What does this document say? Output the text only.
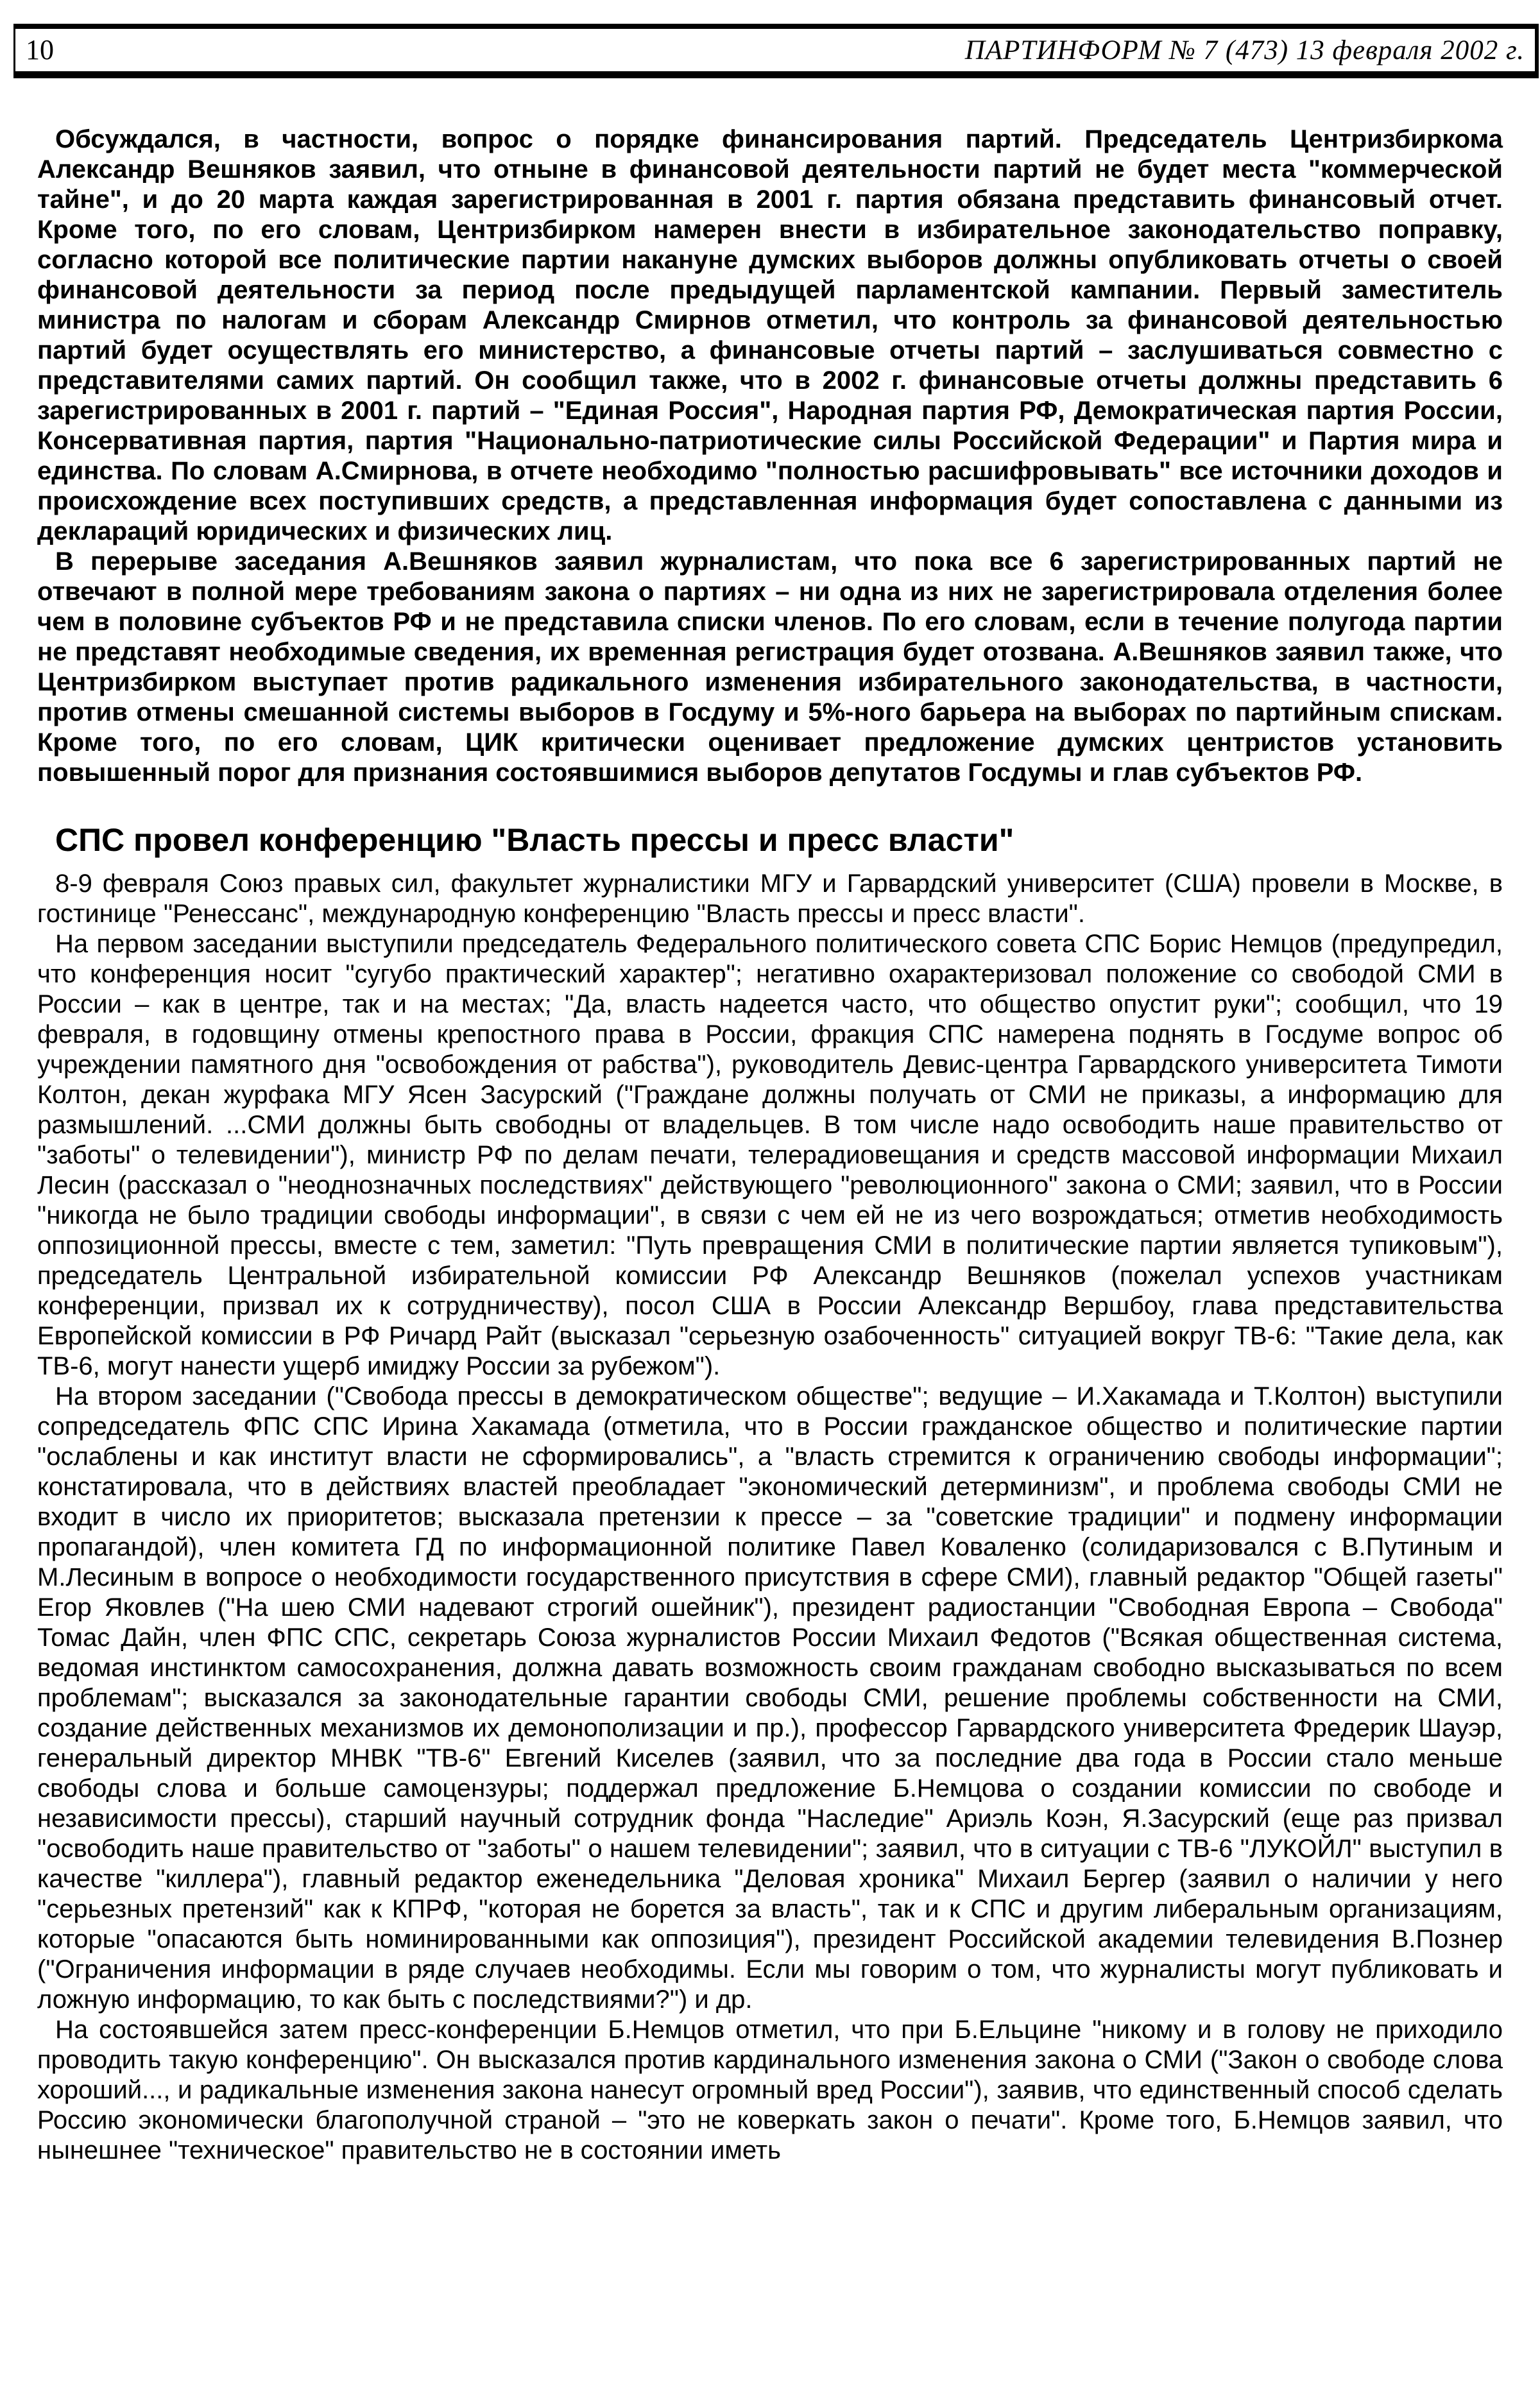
10	ПАРТИНФОРМ № 7 (473) 13 февраля 2002 г.

Обсуждался, в частности, вопрос о порядке финансирования партий. Председатель Центризбиркома Александр Вешняков заявил, что отныне в финансовой деятельности партий не будет места "коммерческой тайне", и до 20 марта каждая зарегистрированная в 2001 г. партия обязана представить финансовый отчет. Кроме того, по его словам, Центризбирком намерен внести в избирательное законодательство поправку, согласно которой все политические партии накануне думских выборов должны опубликовать отчеты о своей финансовой деятельности за период после предыдущей парламентской кампании. Первый заместитель министра по налогам и сборам Александр Смирнов отметил, что контроль за финансовой деятельностью партий будет осуществлять его министерство, а финансовые отчеты партий – заслушиваться совместно с представителями самих партий. Он сообщил также, что в 2002 г. финансовые отчеты должны представить 6 зарегистрированных в 2001 г. партий – "Единая Россия", Народная партия РФ, Демократическая партия России, Консервативная партия, партия "Национально-патриотические силы Российской Федерации" и Партия мира и единства. По словам А.Смирнова, в отчете необходимо "полностью расшифровывать" все источники доходов и происхождение всех поступивших средств, а представленная информация будет сопоставлена с данными из деклараций юридических и физических лиц.

В перерыве заседания А.Вешняков заявил журналистам, что пока все 6 зарегистрированных партий не отвечают в полной мере требованиям закона о партиях – ни одна из них не зарегистрировала отделения более чем в половине субъектов РФ и не представила списки членов. По его словам, если в течение полугода партии не представят необходимые сведения, их временная регистрация будет отозвана. А.Вешняков заявил также, что Центризбирком выступает против радикального изменения избирательного законодательства, в частности, против отмены смешанной системы выборов в Госдуму и 5%-ного барьера на выборах по партийным спискам. Кроме того, по его словам, ЦИК критически оценивает предложение думских центристов установить повышенный порог для признания состоявшимися выборов депутатов Госдумы и глав субъектов РФ.

СПС провел конференцию "Власть прессы и пресс власти"

8-9 февраля Союз правых сил, факультет журналистики МГУ и Гарвардский университет (США) провели в Москве, в гостинице "Ренессанс", международную конференцию "Власть прессы и пресс власти".

На первом заседании выступили председатель Федерального политического совета СПС Борис Немцов (предупредил, что конференция носит "сугубо практический характер"; негативно охарактеризовал положение со свободой СМИ в России – как в центре, так и на местах; "Да, власть надеется часто, что общество опустит руки"; сообщил, что 19 февраля, в годовщину отмены крепостного права в России, фракция СПС намерена поднять в Госдуме вопрос об учреждении памятного дня "освобождения от рабства"), руководитель Девис-центра Гарвардского университета Тимоти Колтон, декан журфака МГУ Ясен Засурский ("Граждане должны получать от СМИ не приказы, а информацию для размышлений. ...СМИ должны быть свободны от владельцев. В том числе надо освободить наше правительство от "заботы" о телевидении"), министр РФ по делам печати, телерадиовещания и средств массовой информации Михаил Лесин (рассказал о "неоднозначных последствиях" действующего "революционного" закона о СМИ; заявил, что в России "никогда не было традиции свободы информации", в связи с чем ей не из чего возрождаться; отметив необходимость оппозиционной прессы, вместе с тем, заметил: "Путь превращения СМИ в политические партии является тупиковым"), председатель Центральной избирательной комиссии РФ Александр Вешняков (пожелал успехов участникам конференции, призвал их к сотрудничеству), посол США в России Александр Вершбоу, глава представительства Европейской комиссии в РФ Ричард Райт (высказал "серьезную озабоченность" ситуацией вокруг ТВ-6: "Такие дела, как ТВ-6, могут нанести ущерб имиджу России за рубежом").

На втором заседании ("Свобода прессы в демократическом обществе"; ведущие – И.Хакамада и Т.Колтон) выступили сопредседатель ФПС СПС Ирина Хакамада (отметила, что в России гражданское общество и политические партии "ослаблены и как институт власти не сформировались", а "власть стремится к ограничению свободы информации"; констатировала, что в действиях властей преобладает "экономический детерминизм", и проблема свободы СМИ не входит в число их приоритетов; высказала претензии к прессе – за "советские традиции" и подмену информации пропагандой), член комитета ГД по информационной политике Павел Коваленко (солидаризовался с В.Путиным и М.Лесиным в вопросе о необходимости государственного присутствия в сфере СМИ), главный редактор "Общей газеты" Егор Яковлев ("На шею СМИ надевают строгий ошейник"), президент радиостанции "Свободная Европа – Свобода" Томас Дайн, член ФПС СПС, секретарь Союза журналистов России Михаил Федотов ("Всякая общественная система, ведомая инстинктом самосохранения, должна давать возможность своим гражданам свободно высказываться по всем проблемам"; высказался за законодательные гарантии свободы СМИ, решение проблемы собственности на СМИ, создание действенных механизмов их демонополизации и пр.), профессор Гарвардского университета Фредерик Шауэр, генеральный директор МНВК "ТВ-6" Евгений Киселев (заявил, что за последние два года в России стало меньше свободы слова и больше самоцензуры; поддержал предложение Б.Немцова о создании комиссии по свободе и независимости прессы), старший научный сотрудник фонда "Наследие" Ариэль Коэн, Я.Засурский (еще раз призвал "освободить наше правительство от "заботы" о нашем телевидении"; заявил, что в ситуации с ТВ-6 "ЛУКОЙЛ" выступил в качестве "киллера"), главный редактор еженедельника "Деловая хроника" Михаил Бергер (заявил о наличии у него "серьезных претензий" как к КПРФ, "которая не борется за власть", так и к СПС и другим либеральным организациям, которые "опасаются быть номинированными как оппозиция"), президент Российской академии телевидения В.Познер ("Ограничения информации в ряде случаев необходимы. Если мы говорим о том, что журналисты могут публиковать и ложную информацию, то как быть с последствиями?") и др.

На состоявшейся затем пресс-конференции Б.Немцов отметил, что при Б.Ельцине "никому и в голову не приходило проводить такую конференцию". Он высказался против кардинального изменения закона о СМИ ("Закон о свободе слова хороший..., и радикальные изменения закона нанесут огромный вред России"), заявив, что единственный способ сделать Россию экономически благополучной страной – "это не коверкать закон о печати". Кроме того, Б.Немцов заявил, что нынешнее "техническое" правительство не в состоянии иметь
